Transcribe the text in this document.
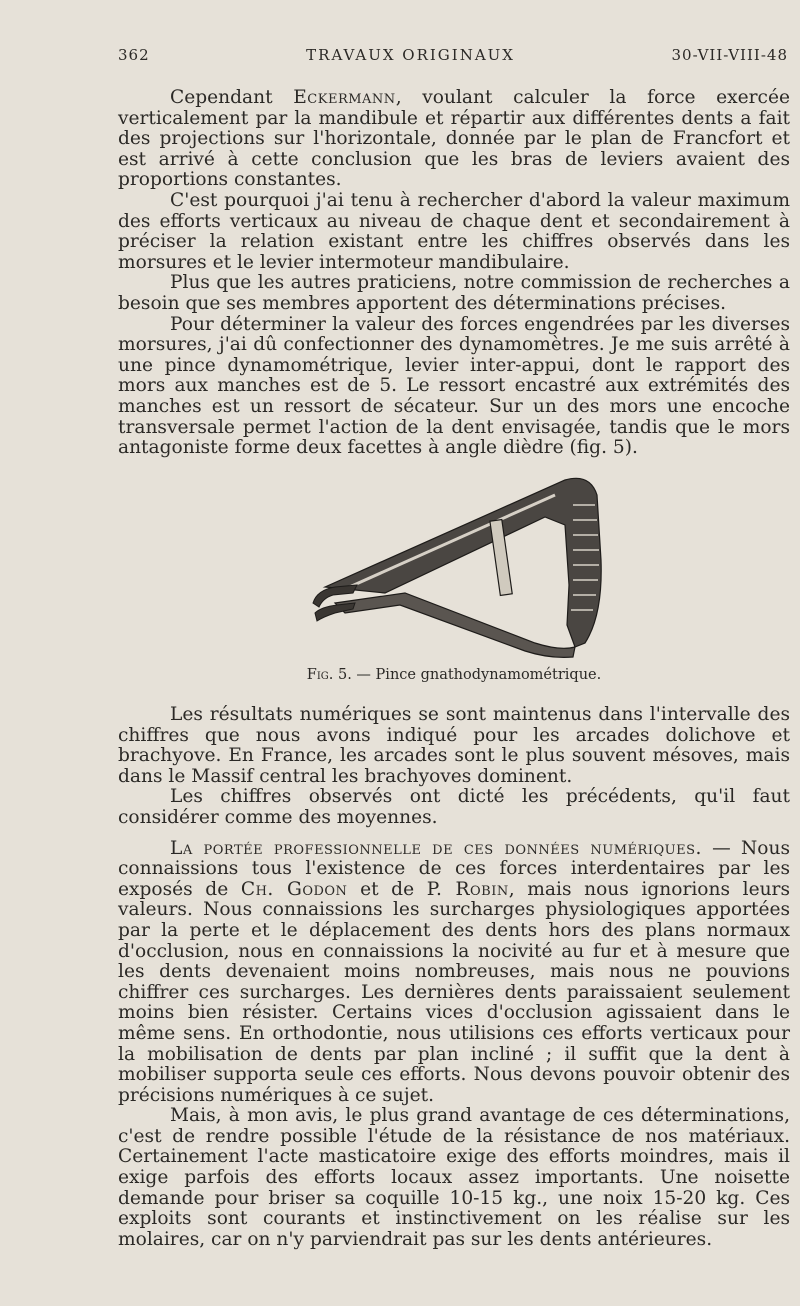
362	TRAVAUX ORIGINAUX	30-VII-VIII-48

Cependant Eckermann, voulant calculer la force exercée verticalement par la mandibule et répartir aux différentes dents a fait des projections sur l'horizontale, donnée par le plan de Francfort et est arrivé à cette conclusion que les bras de leviers avaient des proportions constantes.

C'est pourquoi j'ai tenu à rechercher d'abord la valeur maximum des efforts verticaux au niveau de chaque dent et secondairement à préciser la relation existant entre les chiffres observés dans les morsures et le levier intermoteur mandibulaire.

Plus que les autres praticiens, notre commission de recherches a besoin que ses membres apportent des déterminations précises.

Pour déterminer la valeur des forces engendrées par les diverses morsures, j'ai dû confectionner des dynamomètres. Je me suis arrêté à une pince dynamométrique, levier inter-appui, dont le rapport des mors aux manches est de 5. Le ressort encastré aux extrémités des manches est un ressort de sécateur. Sur un des mors une encoche transversale permet l'action de la dent envisagée, tandis que le mors antagoniste forme deux facettes à angle dièdre (fig. 5).

Fig. 5. — Pince gnathodynamométrique.

Les résultats numériques se sont maintenus dans l'intervalle des chiffres que nous avons indiqué pour les arcades dolichove et brachyove. En France, les arcades sont le plus souvent mésoves, mais dans le Massif central les brachyoves dominent.

Les chiffres observés ont dicté les précédents, qu'il faut considérer comme des moyennes.

La portée professionnelle de ces données numériques. — Nous connaissions tous l'existence de ces forces interdentaires par les exposés de Ch. Godon et de P. Robin, mais nous ignorions leurs valeurs. Nous connaissions les surcharges physiologiques apportées par la perte et le déplacement des dents hors des plans normaux d'occlusion, nous en connaissions la nocivité au fur et à mesure que les dents devenaient moins nombreuses, mais nous ne pouvions chiffrer ces surcharges. Les dernières dents paraissaient seulement moins bien résister. Certains vices d'occlusion agissaient dans le même sens. En orthodontie, nous utilisions ces efforts verticaux pour la mobilisation de dents par plan incliné ; il suffit que la dent à mobiliser supporta seule ces efforts. Nous devons pouvoir obtenir des précisions numériques à ce sujet.

Mais, à mon avis, le plus grand avantage de ces déterminations, c'est de rendre possible l'étude de la résistance de nos matériaux. Certainement l'acte masticatoire exige des efforts moindres, mais il exige parfois des efforts locaux assez importants. Une noisette demande pour briser sa coquille 10-15 kg., une noix 15-20 kg. Ces exploits sont courants et instinctivement on les réalise sur les molaires, car on n'y parviendrait pas sur les dents antérieures.
